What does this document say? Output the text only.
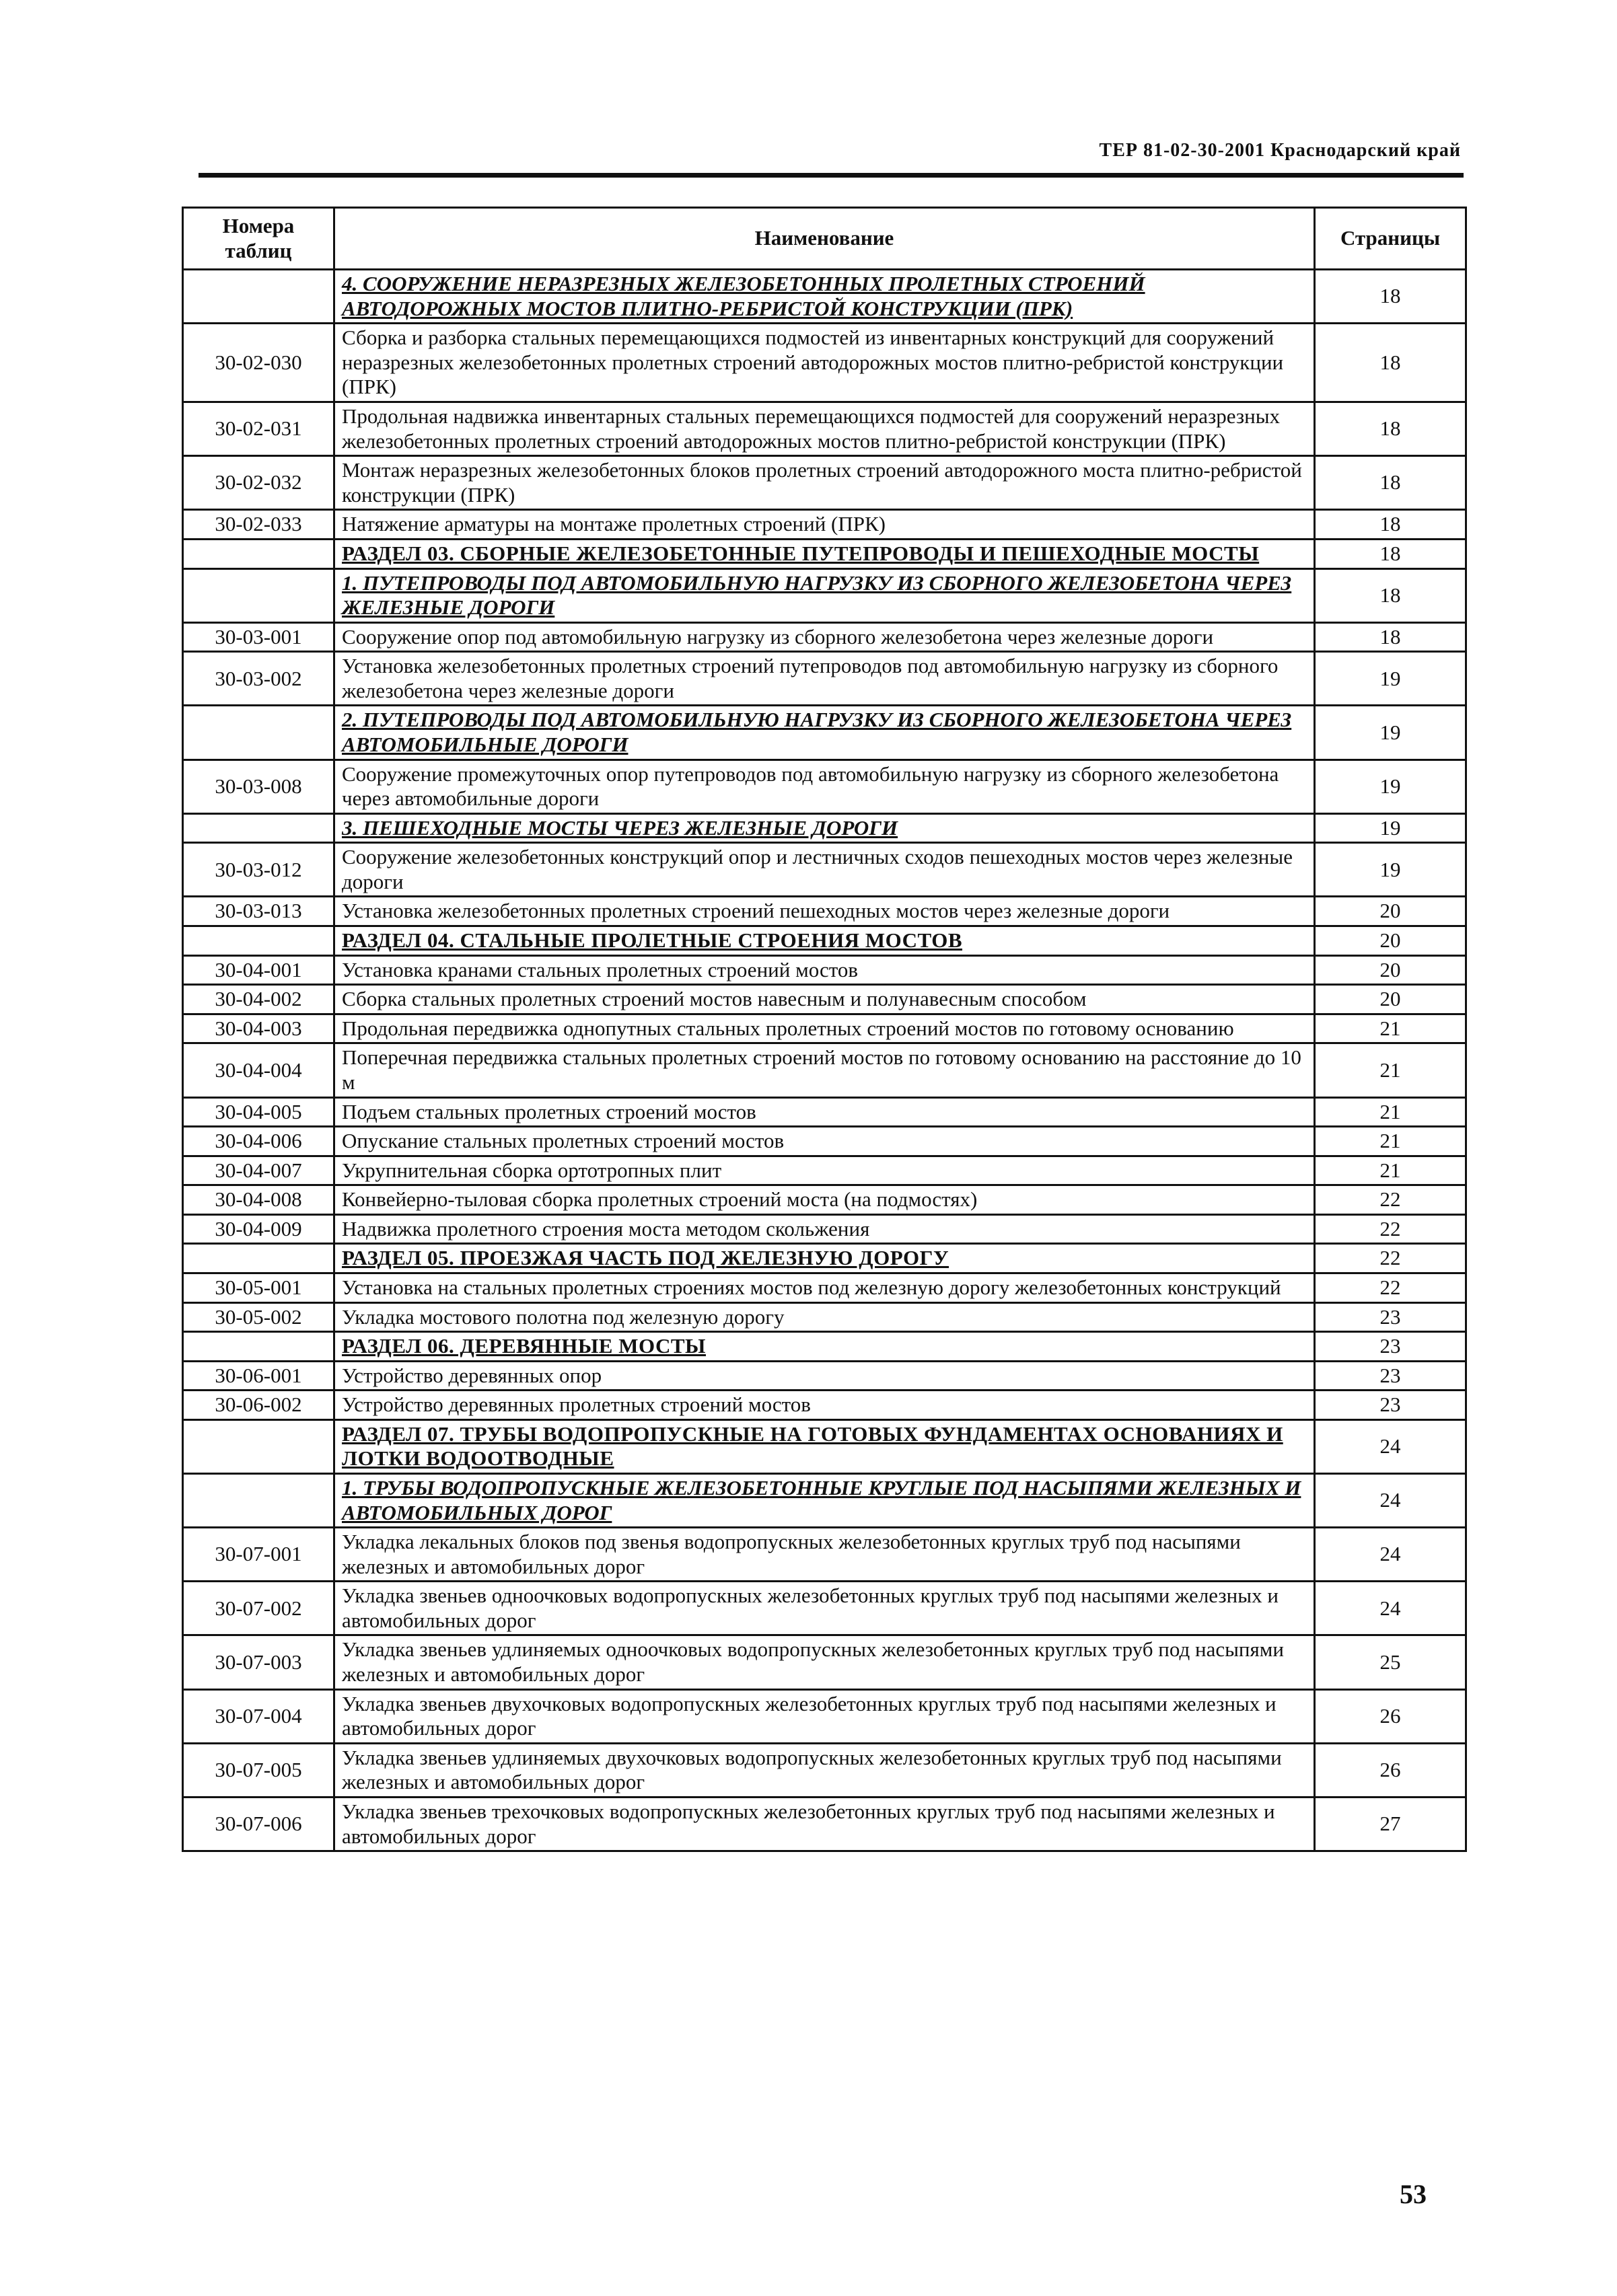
ТЕР 81-02-30-2001 Краснодарский край
Номера таблиц	Наименование	Страницы
	4. СООРУЖЕНИЕ НЕРАЗРЕЗНЫХ ЖЕЛЕЗОБЕТОННЫХ ПРОЛЕТНЫХ СТРОЕНИЙ АВТОДОРОЖНЫХ МОСТОВ ПЛИТНО-РЕБРИСТОЙ КОНСТРУКЦИИ (ПРК)	18
30-02-030	Сборка и разборка стальных перемещающихся подмостей из инвентарных конструкций для сооружений неразрезных железобетонных пролетных строений автодорожных мостов плитно-ребристой конструкции (ПРК)	18
30-02-031	Продольная надвижка инвентарных стальных перемещающихся подмостей для сооружений неразрезных железобетонных пролетных строений автодорожных мостов плитно-ребристой конструкции (ПРК)	18
30-02-032	Монтаж неразрезных железобетонных блоков пролетных строений автодорожного моста плитно-ребристой конструкции (ПРК)	18
30-02-033	Натяжение арматуры на монтаже пролетных строений (ПРК)	18
	РАЗДЕЛ 03. СБОРНЫЕ ЖЕЛЕЗОБЕТОННЫЕ ПУТЕПРОВОДЫ И ПЕШЕХОДНЫЕ МОСТЫ	18
	1. ПУТЕПРОВОДЫ ПОД АВТОМОБИЛЬНУЮ НАГРУЗКУ ИЗ СБОРНОГО ЖЕЛЕЗОБЕТОНА ЧЕРЕЗ ЖЕЛЕЗНЫЕ ДОРОГИ	18
30-03-001	Сооружение опор под автомобильную нагрузку из сборного железобетона через железные дороги	18
30-03-002	Установка железобетонных пролетных строений путепроводов под автомобильную нагрузку из сборного железобетона через железные дороги	19
	2. ПУТЕПРОВОДЫ ПОД АВТОМОБИЛЬНУЮ НАГРУЗКУ ИЗ СБОРНОГО ЖЕЛЕЗОБЕТОНА ЧЕРЕЗ АВТОМОБИЛЬНЫЕ ДОРОГИ	19
30-03-008	Сооружение промежуточных опор путепроводов под автомобильную нагрузку из сборного железобетона через автомобильные дороги	19
	3. ПЕШЕХОДНЫЕ МОСТЫ ЧЕРЕЗ ЖЕЛЕЗНЫЕ ДОРОГИ	19
30-03-012	Сооружение железобетонных конструкций опор и лестничных сходов пешеходных мостов через железные дороги	19
30-03-013	Установка железобетонных пролетных строений пешеходных мостов через железные дороги	20
	РАЗДЕЛ 04. СТАЛЬНЫЕ ПРОЛЕТНЫЕ СТРОЕНИЯ МОСТОВ	20
30-04-001	Установка кранами стальных пролетных строений мостов	20
30-04-002	Сборка стальных пролетных строений мостов навесным и полунавесным способом	20
30-04-003	Продольная передвижка однопутных стальных пролетных строений мостов по готовому основанию	21
30-04-004	Поперечная передвижка стальных пролетных строений мостов по готовому основанию на расстояние до 10 м	21
30-04-005	Подъем стальных пролетных строений мостов	21
30-04-006	Опускание стальных пролетных строений мостов	21
30-04-007	Укрупнительная сборка ортотропных плит	21
30-04-008	Конвейерно-тыловая сборка пролетных строений моста (на подмостях)	22
30-04-009	Надвижка пролетного строения моста методом скольжения	22
	РАЗДЕЛ 05. ПРОЕЗЖАЯ ЧАСТЬ ПОД ЖЕЛЕЗНУЮ ДОРОГУ	22
30-05-001	Установка на стальных пролетных строениях мостов под железную дорогу железобетонных конструкций	22
30-05-002	Укладка мостового полотна под железную дорогу	23
	РАЗДЕЛ 06. ДЕРЕВЯННЫЕ МОСТЫ	23
30-06-001	Устройство деревянных опор	23
30-06-002	Устройство деревянных пролетных строений мостов	23
	РАЗДЕЛ 07. ТРУБЫ ВОДОПРОПУСКНЫЕ НА ГОТОВЫХ ФУНДАМЕНТАХ ОСНОВАНИЯХ И ЛОТКИ ВОДООТВОДНЫЕ	24
	1. ТРУБЫ ВОДОПРОПУСКНЫЕ ЖЕЛЕЗОБЕТОННЫЕ КРУГЛЫЕ ПОД НАСЫПЯМИ ЖЕЛЕЗНЫХ И АВТОМОБИЛЬНЫХ ДОРОГ	24
30-07-001	Укладка лекальных блоков под звенья водопропускных железобетонных круглых труб под насыпями железных и автомобильных дорог	24
30-07-002	Укладка звеньев одноочковых водопропускных железобетонных круглых труб под насыпями железных и автомобильных дорог	24
30-07-003	Укладка звеньев удлиняемых одноочковых водопропускных железобетонных круглых труб под насыпями железных и автомобильных дорог	25
30-07-004	Укладка звеньев двухочковых водопропускных железобетонных круглых труб под насыпями железных и автомобильных дорог	26
30-07-005	Укладка звеньев удлиняемых двухочковых водопропускных железобетонных круглых труб под насыпями железных и автомобильных дорог	26
30-07-006	Укладка звеньев трехочковых водопропускных железобетонных круглых труб под насыпями железных и автомобильных дорог	27
53
